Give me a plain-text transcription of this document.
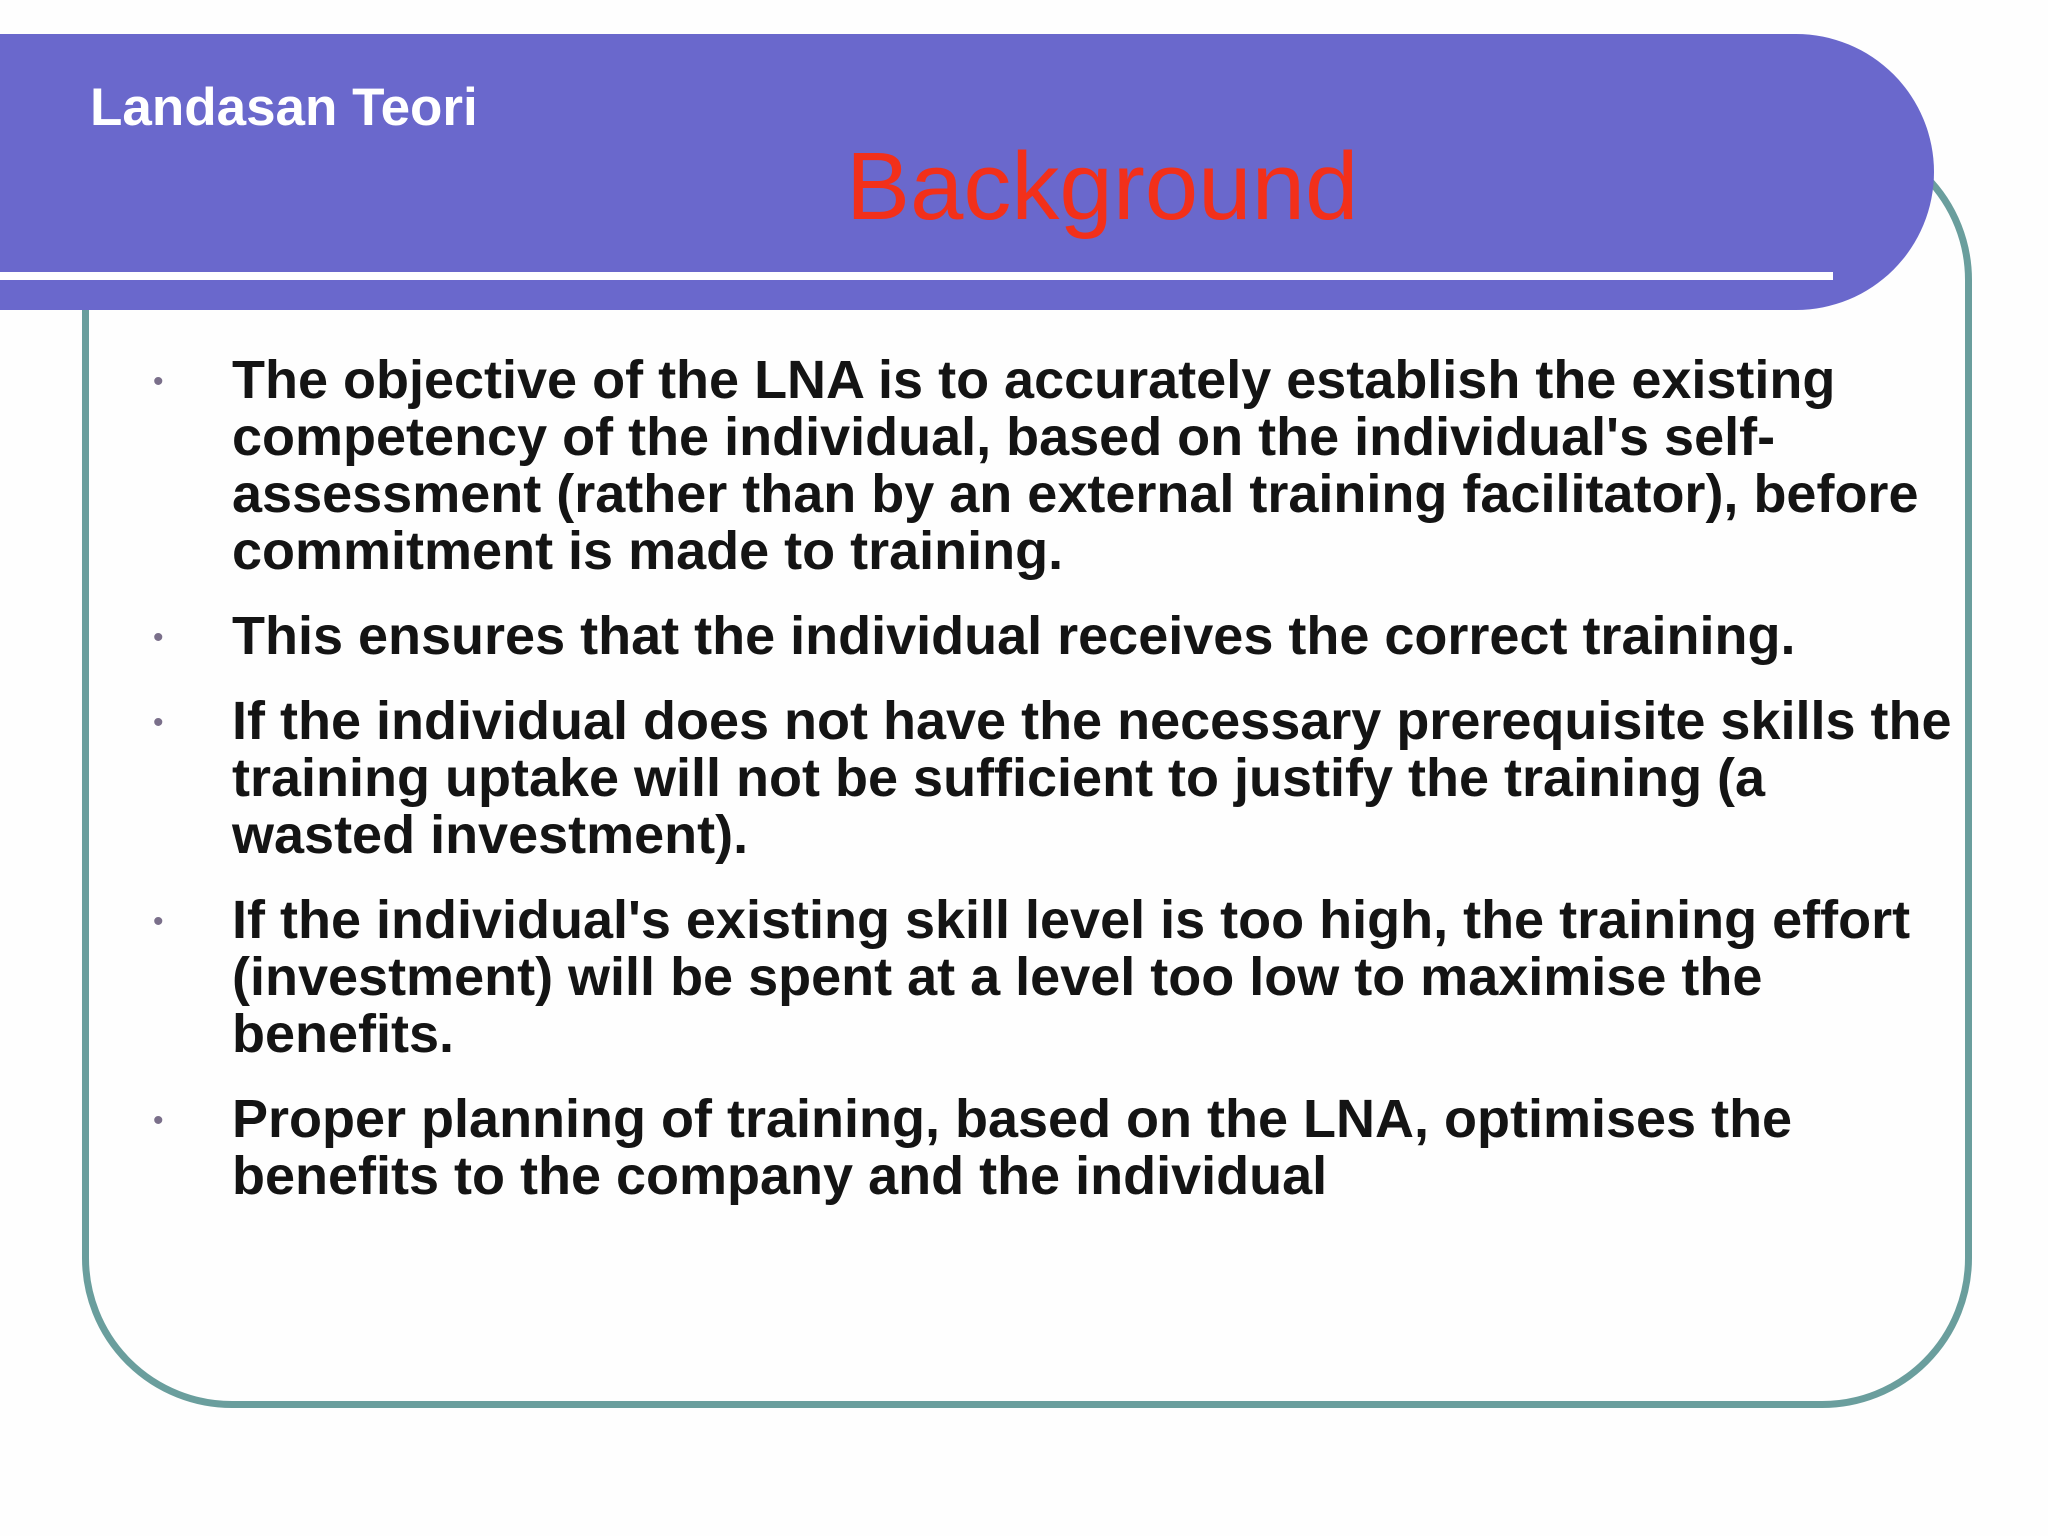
Landasan Teori
Background
• The objective of the LNA is to accurately establish the existing competency of the individual, based on the individual's self-assessment (rather than by an external training facilitator), before commitment is made to training.
• This ensures that the individual receives the correct training.
• If the individual does not have the necessary prerequisite skills the training uptake will not be sufficient to justify the training (a wasted investment).
• If the individual's existing skill level is too high, the training effort (investment) will be spent at a level too low to maximise the benefits.
• Proper planning of training, based on the LNA, optimises the benefits to the company and the individual
